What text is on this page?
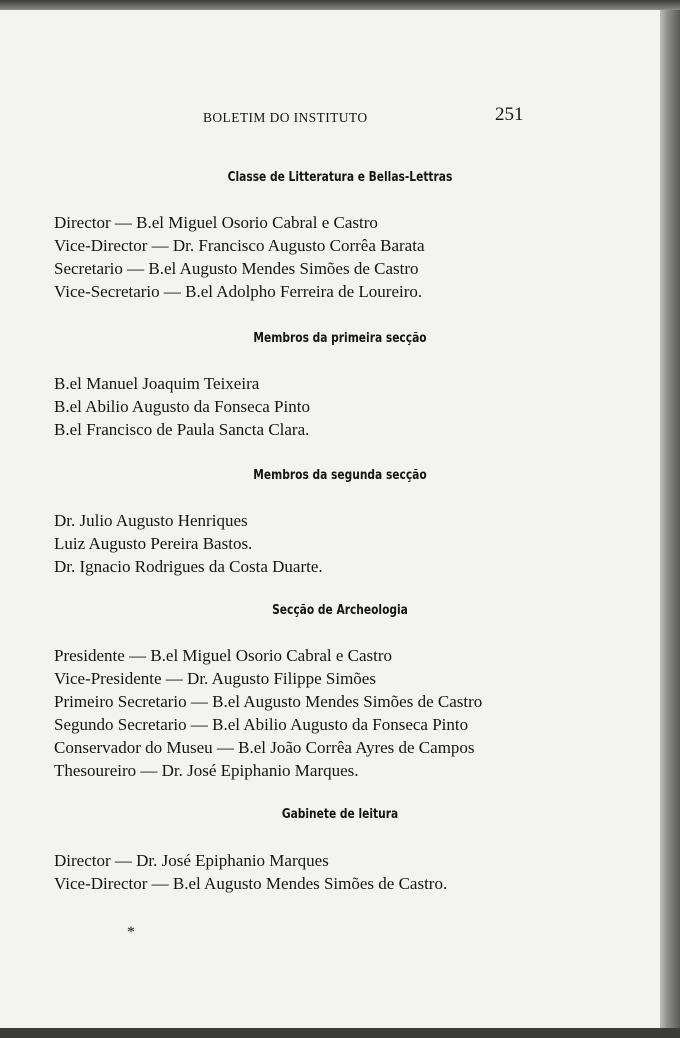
BOLETIM DO INSTITUTO	251
Classe de Litteratura e Bellas-Lettras
Director — B.el Miguel Osorio Cabral e Castro
Vice-Director — Dr. Francisco Augusto Corrêa Barata
Secretario — B.el Augusto Mendes Simões de Castro
Vice-Secretario — B.el Adolpho Ferreira de Loureiro.
Membros da primeira secção
B.el Manuel Joaquim Teixeira
B.el Abilio Augusto da Fonseca Pinto
B.el Francisco de Paula Sancta Clara.
Membros da segunda secção
Dr. Julio Augusto Henriques
Luiz Augusto Pereira Bastos.
Dr. Ignacio Rodrigues da Costa Duarte.
Secção de Archeologia
Presidente — B.el Miguel Osorio Cabral e Castro
Vice-Presidente — Dr. Augusto Filippe Simões
Primeiro Secretario — B.el Augusto Mendes Simões de Castro
Segundo Secretario — B.el Abilio Augusto da Fonseca Pinto
Conservador do Museu — B.el João Corrêa Ayres de Campos
Thesoureiro — Dr. José Epiphanio Marques.
Gabinete de leitura
Director — Dr. José Epiphanio Marques
Vice-Director — B.el Augusto Mendes Simões de Castro.
*
